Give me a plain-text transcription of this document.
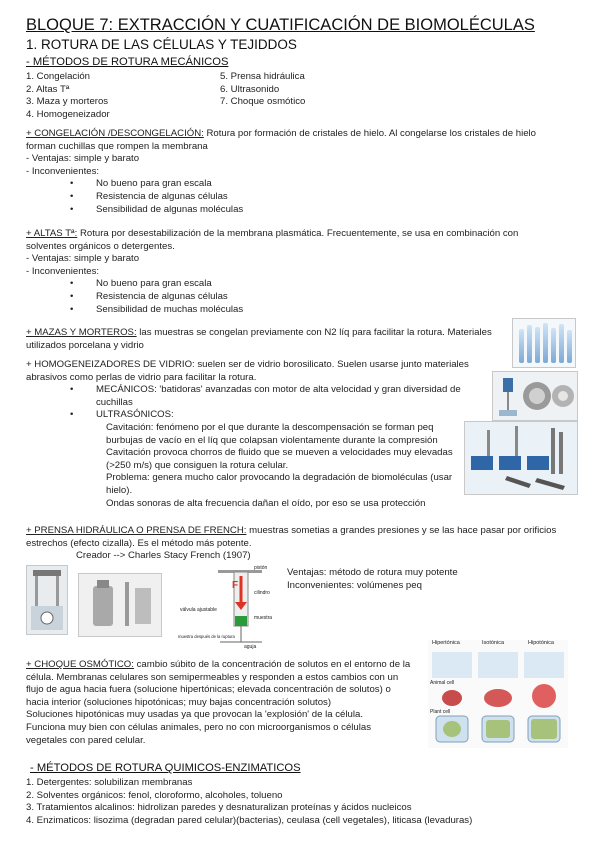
BLOQUE 7: EXTRACCIÓN Y CUATIFICACIÓN DE BIOMOLÉCULAS
1. ROTURA DE LAS CÉLULAS Y TEJIDDOS
- MÉTODOS DE ROTURA MECÁNICOS
1. Congelación
2. Altas Tª
3. Maza y morteros
4. Homogeneizador
5. Prensa hidráulica
6. Ultrasonido
7. Choque osmótico

+ CONGELACIÓN /DESCONGELACIÓN: Rotura por formación de cristales de hielo. Al congelarse los cristales de hielo forman cuchillas que rompen la membrana

- Ventajas: simple y barato

- Inconvenientes:

• No bueno para gran escala
• Resistencia de algunas células
• Sensibilidad de algunas moléculas

+ ALTAS Tª: Rotura por desestabilización de la membrana plasmática. Frecuentemente, se usa en combinación con solventes orgánicos o detergentes.

- Ventajas: simple y barato

- Inconvenientes:

• No bueno para gran escala
• Resistencia de algunas células
• Sensibilidad de muchas moléculas

+ MAZAS Y MORTEROS: las muestras se congelan previamente con N2 líq para facilitar la rotura. Materiales utilizados porcelana y vidrio

+ HOMOGENEIZADORES DE VIDRIO: suelen ser de vidrio borosilicato. Suelen usarse junto materiales abrasivos como perlas de vidrio para facilitar la rotura.

• MECÁNICOS: 'batidoras' avanzadas con motor de alta velocidad y gran diversidad de
cuchillas
• ULTRASÓNICOS:
Cavitación: fenómeno por el que durante la descompensación se forman peq
burbujas de vacío en el líq que colapsan violentamente durante la compresión
Cavitación provoca chorros de fluido que se mueven a velocidades muy elevadas
(>250 m/s) que consiguen la rotura celular.
Problema: genera mucho calor provocando la degradación de biomoléculas (usar
hielo).
Ondas sonoras de alta frecuencia dañan el oído, por eso se usa protección

+ PRENSA HIDRÁULICA O PRENSA DE FRENCH: muestras sometias a grandes presiones y se las hace pasar por orificios estrechos (efecto cizalla). Es el método más potente.

Creador --> Charles Stacy French (1907)

F
pistón
cilindro
válvula ajustable
muestra
muestra después de la ruptura
aguja

Ventajas: método de rotura muy potente

Inconvenientes: volúmenes peq

+ CHOQUE OSMÓTICO: cambio súbito de la concentración de solutos en el entorno de la

célula. Membranas celulares son semipermeables y responden a estos cambios con un

flujo de agua hacia fuera (solucione hipertónicas; elevada concentración de solutos) o

hacia interior (soluciones hipotónicas; muy bajas concentración solutos)

Soluciones hipotónicas muy usadas ya que provocan la 'explosión' de la célula.

Funciona muy bien con células animales, pero no con microorganismos o células

vegetales con pared celular.

Hipertónica	Isotónica	Hipotónica
Animal cell
Plant cell
- MÉTODOS DE ROTURA QUIMICOS-ENZIMATICOS

1. Detergentes: solubilizan membranas

2. Solventes orgánicos: fenol, cloroformo, alcoholes, tolueno

3. Tratamientos alcalinos: hidrolizan paredes y desnaturalizan proteínas y ácidos nucleicos

4. Enzimaticos: lisozima (degradan pared celular)(bacterias), ceulasa (cell vegetales), liticasa (levaduras)
